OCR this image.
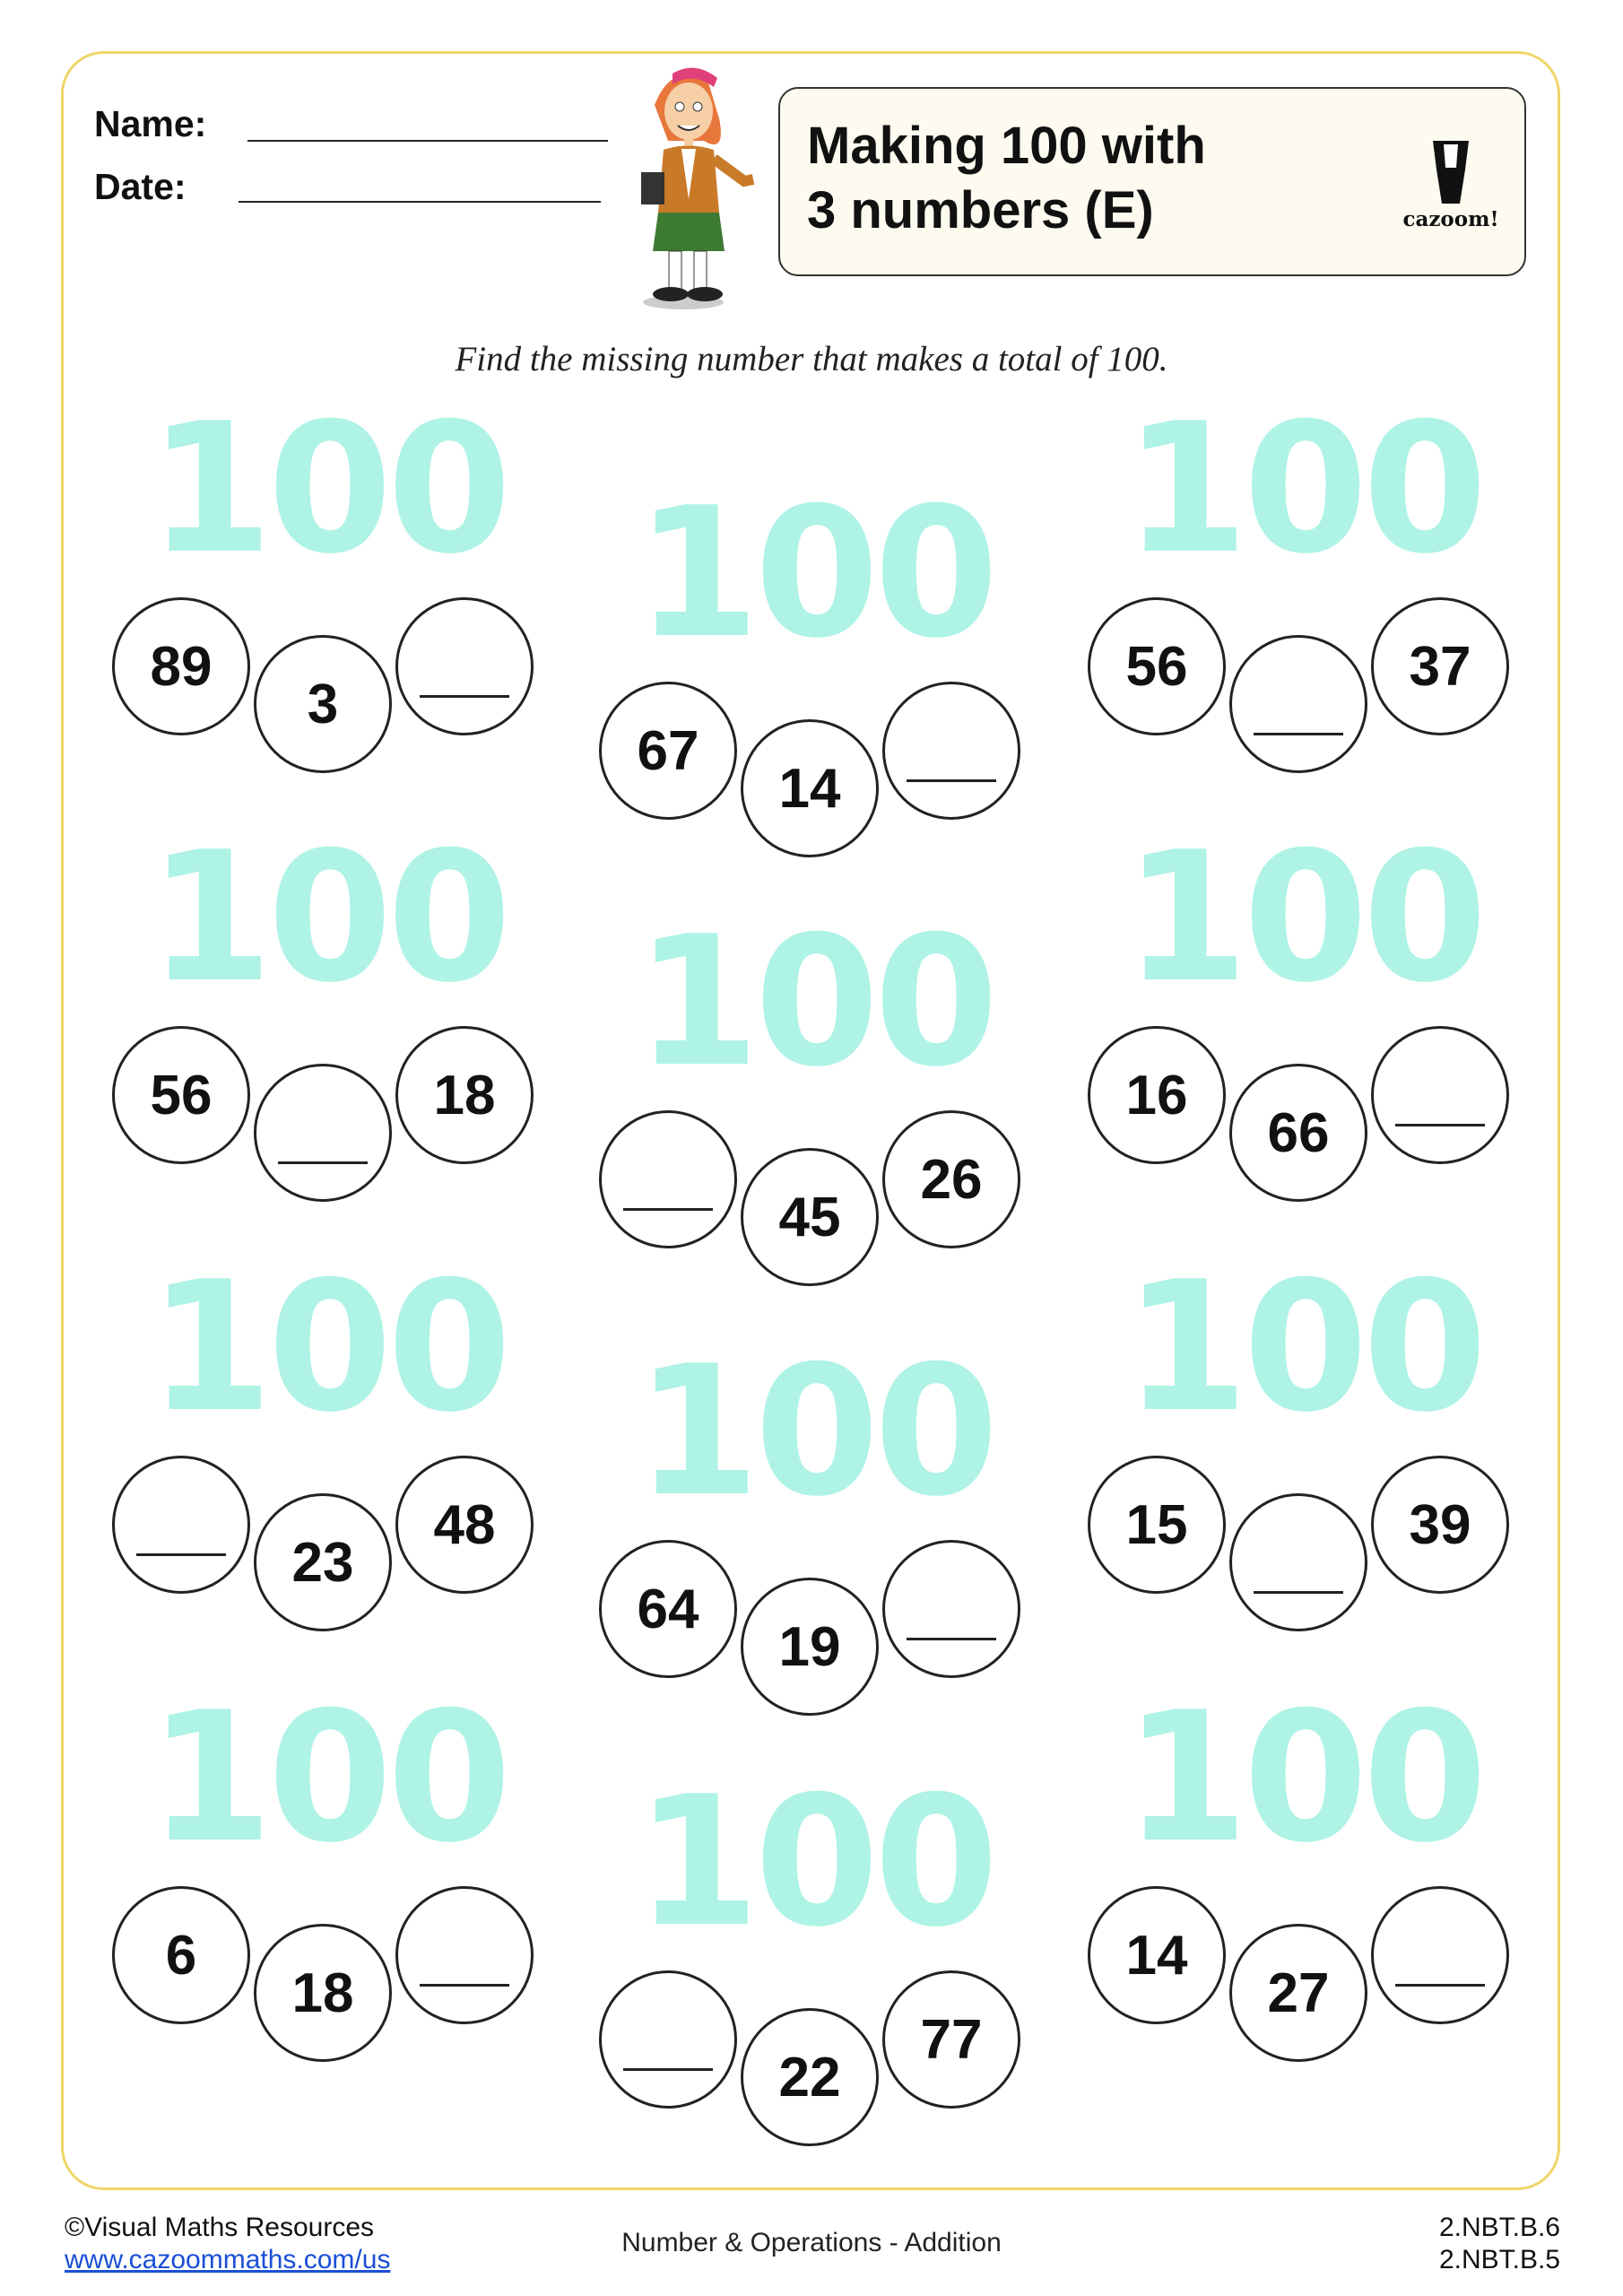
Name:
Date:
Making 100 with
3 numbers (E)	cazoom!
Find the missing number that makes a total of 100.
100
89
3
100
67
14
100
56	37
100
56	18 100
45
26
100
16
66
100
23
48 100
64
19
100
15	39
100
6
18
100
22
77
100
14
27
©Visual Maths Resources
www.cazoommaths.com/us
Number & Operations - Addition
2.NBT.B.6
2.NBT.B.5
